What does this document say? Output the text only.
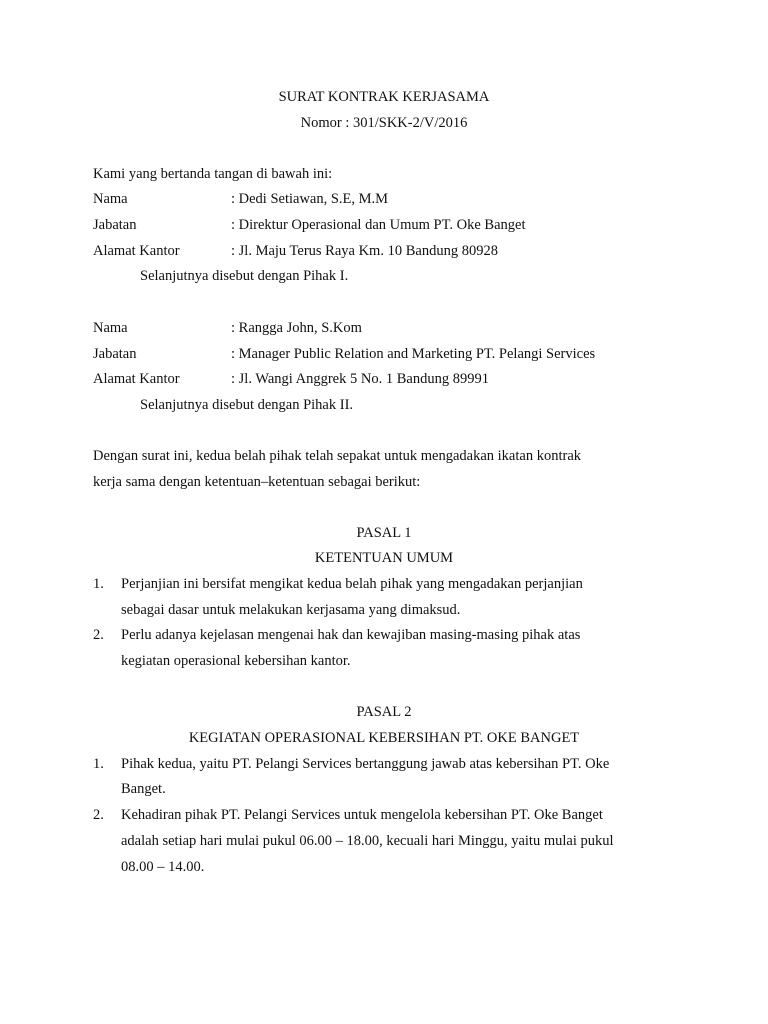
SURAT KONTRAK KERJASAMA
Nomor : 301/SKK-2/V/2016
Kami yang bertanda tangan di bawah ini:
Nama	: Dedi Setiawan, S.E, M.M
Jabatan	: Direktur Operasional dan Umum PT. Oke Banget
Alamat Kantor	: Jl. Maju Terus Raya Km. 10 Bandung 80928
Selanjutnya disebut dengan Pihak I.
Nama	: Rangga John, S.Kom
Jabatan	: Manager Public Relation and Marketing PT. Pelangi Services
Alamat Kantor	: Jl. Wangi Anggrek 5 No. 1 Bandung 89991
Selanjutnya disebut dengan Pihak II.
Dengan surat ini, kedua belah pihak telah sepakat untuk mengadakan ikatan kontrak
kerja sama dengan ketentuan–ketentuan sebagai berikut:
PASAL 1
KETENTUAN UMUM
1. Perjanjian ini bersifat mengikat kedua belah pihak yang mengadakan perjanjian
sebagai dasar untuk melakukan kerjasama yang dimaksud.
2. Perlu adanya kejelasan mengenai hak dan kewajiban masing-masing pihak atas
kegiatan operasional kebersihan kantor.
PASAL 2
KEGIATAN OPERASIONAL KEBERSIHAN PT. OKE BANGET
1. Pihak kedua, yaitu PT. Pelangi Services bertanggung jawab atas kebersihan PT. Oke
Banget.
2. Kehadiran pihak PT. Pelangi Services untuk mengelola kebersihan PT. Oke Banget
adalah setiap hari mulai pukul 06.00 – 18.00, kecuali hari Minggu, yaitu mulai pukul
08.00 – 14.00.
